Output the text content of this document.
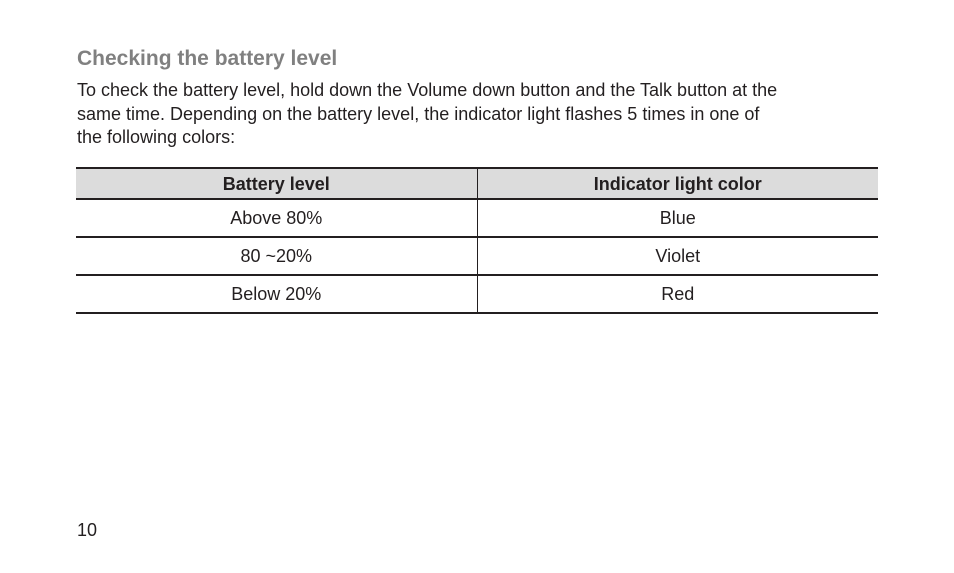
Checking the battery level

To check the battery level, hold down the Volume down button and the Talk button at the
same time. Depending on the battery level, the indicator light flashes 5 times in one of
the following colors:

Battery level	Indicator light color
Above 80%	Blue
80 ~20%	Violet
Below 20%	Red
10
